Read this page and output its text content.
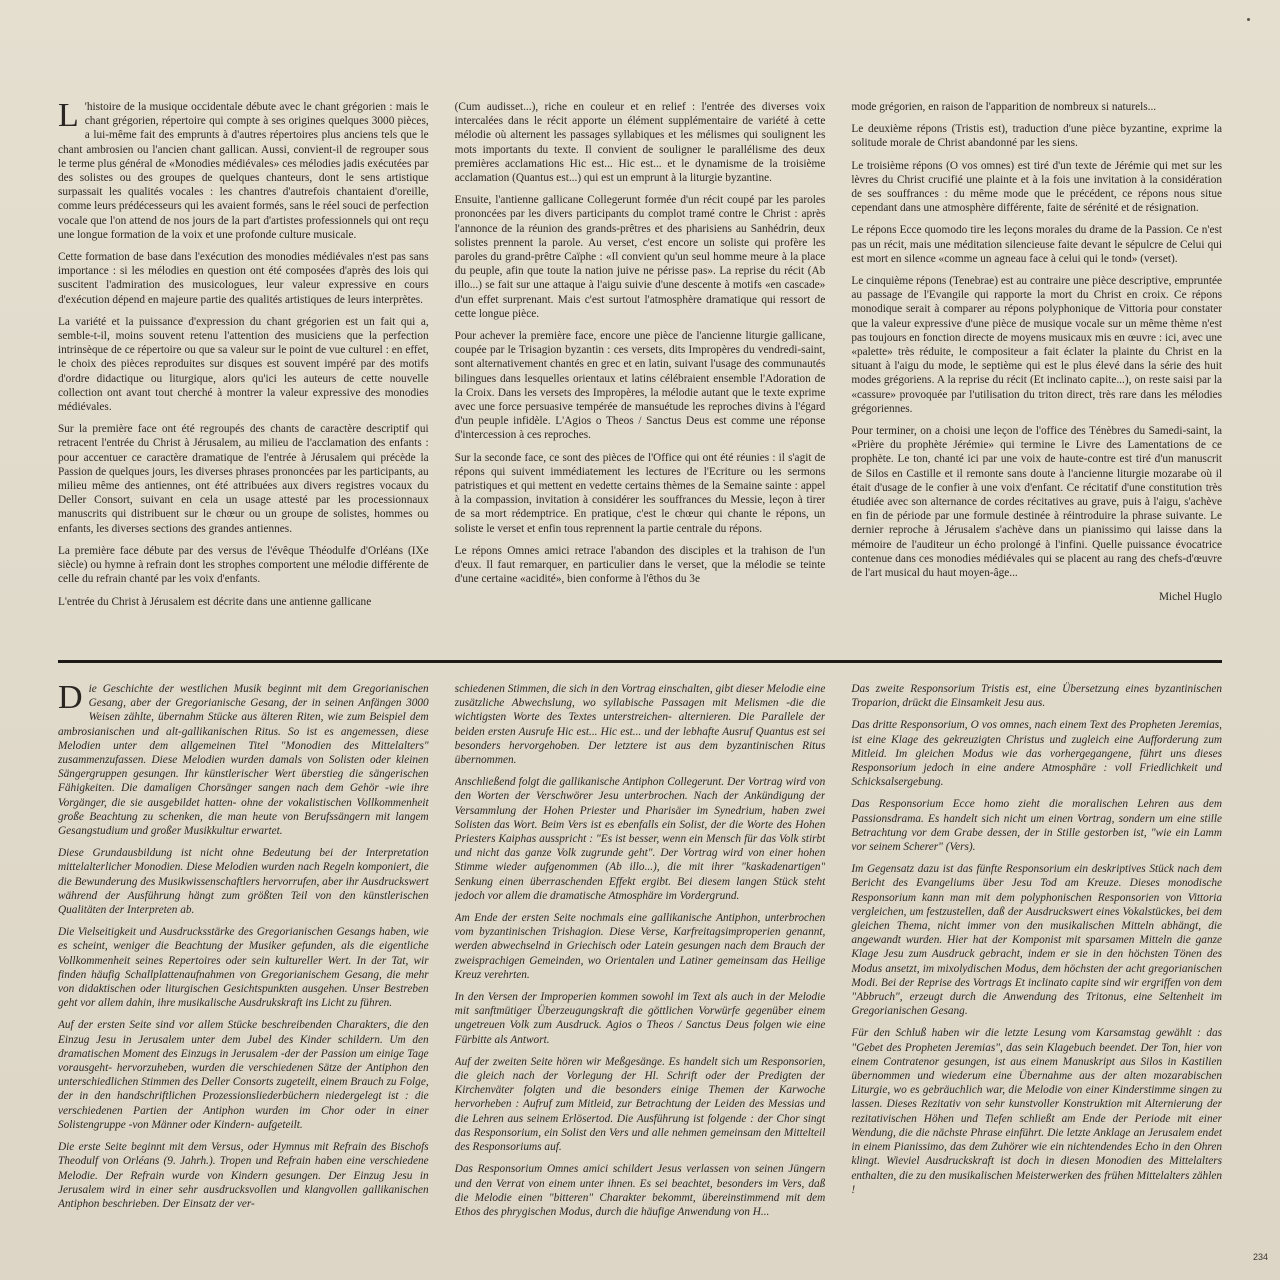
L 'histoire de la musique occidentale débute avec le chant grégorien : mais le chant grégorien, répertoire qui compte à ses origines quelques 3000 pièces, a lui-même fait des emprunts à d'autres répertoires plus anciens tels que le chant ambrosien ou l'ancien chant gallican. Aussi, convient-il de regrouper sous le terme plus général de «Monodies médiévales» ces mélodies jadis exécutées par des solistes ou des groupes de quelques chanteurs, dont le sens artistique surpassait les qualités vocales : les chantres d'autrefois chantaient d'oreille, comme leurs prédécesseurs qui les avaient formés, sans le réel souci de perfection vocale que l'on attend de nos jours de la part d'artistes professionnels qui ont reçu une longue formation de la voix et une profonde culture musicale.

Cette formation de base dans l'exécution des monodies médiévales n'est pas sans importance : si les mélodies en question ont été composées d'après des lois qui suscitent l'admiration des musicologues, leur valeur expressive en cours d'exécution dépend en majeure partie des qualités artistiques de leurs interprètes.

La variété et la puissance d'expression du chant grégorien est un fait qui a, semble-t-il, moins souvent retenu l'attention des musiciens que la perfection intrinsèque de ce répertoire ou que sa valeur sur le point de vue culturel : en effet, le choix des pièces reproduites sur disques est souvent impéré par des motifs d'ordre didactique ou liturgique, alors qu'ici les auteurs de cette nouvelle collection ont avant tout cherché à montrer la valeur expressive des monodies médiévales.

Sur la première face ont été regroupés des chants de caractère descriptif qui retracent l'entrée du Christ à Jérusalem, au milieu de l'acclamation des enfants : pour accentuer ce caractère dramatique de l'entrée à Jérusalem qui précède la Passion de quelques jours, les diverses phrases prononcées par les participants, au milieu même des antiennes, ont été attribuées aux divers registres vocaux du Deller Consort, suivant en cela un usage attesté par les processionnaux manuscrits qui distribuent sur le chœur ou un groupe de solistes, hommes ou enfants, les diverses sections des grandes antiennes.

La première face débute par des versus de l'évêque Théodulfe d'Orléans (IXe siècle) ou hymne à refrain dont les strophes comportent une mélodie différente de celle du refrain chanté par les voix d'enfants.

L'entrée du Christ à Jérusalem est décrite dans une antienne gallicane

(Cum audisset...), riche en couleur et en relief : l'entrée des diverses voix intercalées dans le récit apporte un élément supplémentaire de variété à cette mélodie où alternent les passages syllabiques et les mélismes qui soulignent les mots importants du texte. Il convient de souligner le parallélisme des deux premières acclamations Hic est... Hic est... et le dynamisme de la troisième acclamation (Quantus est...) qui est un emprunt à la liturgie byzantine.

Ensuite, l'antienne gallicane Collegerunt formée d'un récit coupé par les paroles prononcées par les divers participants du complot tramé contre le Christ : après l'annonce de la réunion des grands-prêtres et des pharisiens au Sanhédrin, deux solistes prennent la parole. Au verset, c'est encore un soliste qui profère les paroles du grand-prêtre Caïphe : «Il convient qu'un seul homme meure à la place du peuple, afin que toute la nation juive ne périsse pas». La reprise du récit (Ab illo...) se fait sur une attaque à l'aigu suivie d'une descente à motifs «en cascade» d'un effet surprenant. Mais c'est surtout l'atmosphère dramatique qui ressort de cette longue pièce.

Pour achever la première face, encore une pièce de l'ancienne liturgie gallicane, coupée par le Trisagion byzantin : ces versets, dits Impropères du vendredi-saint, sont alternativement chantés en grec et en latin, suivant l'usage des communautés bilingues dans lesquelles orientaux et latins célébraient ensemble l'Adoration de la Croix. Dans les versets des Impropères, la mélodie autant que le texte exprime avec une force persuasive tempérée de mansuétude les reproches divins à l'égard d'un peuple infidèle. L'Agios o Theos / Sanctus Deus est comme une réponse d'intercession à ces reproches.

Sur la seconde face, ce sont des pièces de l'Office qui ont été réunies : il s'agit de répons qui suivent immédiatement les lectures de l'Ecriture ou les sermons patristiques et qui mettent en vedette certains thèmes de la Semaine sainte : appel à la compassion, invitation à considérer les souffrances du Messie, leçon à tirer de sa mort rédemptrice. En pratique, c'est le chœur qui chante le répons, un soliste le verset et enfin tous reprennent la partie centrale du répons.

Le répons Omnes amici retrace l'abandon des disciples et la trahison de l'un d'eux. Il faut remarquer, en particulier dans le verset, que la mélodie se teinte d'une certaine «acidité», bien conforme à l'êthos du 3e

mode grégorien, en raison de l'apparition de nombreux si naturels...

Le deuxième répons (Tristis est), traduction d'une pièce byzantine, exprime la solitude morale de Christ abandonné par les siens.

Le troisième répons (O vos omnes) est tiré d'un texte de Jérémie qui met sur les lèvres du Christ crucifié une plainte et à la fois une invitation à la considération de ses souffrances : du même mode que le précédent, ce répons nous situe cependant dans une atmosphère différente, faite de sérénité et de résignation.

Le répons Ecce quomodo tire les leçons morales du drame de la Passion. Ce n'est pas un récit, mais une méditation silencieuse faite devant le sépulcre de Celui qui est mort en silence «comme un agneau face à celui qui le tond» (verset).

Le cinquième répons (Tenebrae) est au contraire une pièce descriptive, empruntée au passage de l'Evangile qui rapporte la mort du Christ en croix. Ce répons monodique serait à comparer au répons polyphonique de Vittoria pour constater que la valeur expressive d'une pièce de musique vocale sur un même thème n'est pas toujours en fonction directe de moyens musicaux mis en œuvre : ici, avec une «palette» très réduite, le compositeur a fait éclater la plainte du Christ en la situant à l'aigu du mode, le septième qui est le plus élevé dans la série des huit modes grégoriens. A la reprise du récit (Et inclinato capite...), on reste saisi par la «cassure» provoquée par l'utilisation du triton direct, très rare dans les mélodies grégoriennes.

Pour terminer, on a choisi une leçon de l'office des Ténèbres du Samedi-saint, la «Prière du prophète Jérémie» qui termine le Livre des Lamentations de ce prophète. Le ton, chanté ici par une voix de haute-contre est tiré d'un manuscrit de Silos en Castille et il remonte sans doute à l'ancienne liturgie mozarabe où il était d'usage de le confier à une voix d'enfant. Ce récitatif d'une constitution très étudiée avec son alternance de cordes récitatives au grave, puis à l'aigu, s'achève en fin de période par une formule destinée à réintroduire la phrase suivante. Le dernier reproche à Jérusalem s'achève dans un pianissimo qui laisse dans la mémoire de l'auditeur un écho prolongé à l'infini. Quelle puissance évocatrice contenue dans ces monodies médiévales qui se placent au rang des chefs-d'œuvre de l'art musical du haut moyen-âge...

Michel Huglo

Die Geschichte der westlichen Musik beginnt mit dem Gregorianischen Gesang, aber der Gregorianische Gesang, der in seinen Anfängen 3000 Weisen zählte, übernahm Stücke aus älteren Riten, wie zum Beispiel dem ambrosianischen und alt-gallikanischen Ritus. So ist es angemessen, diese Melodien unter dem allgemeinen Titel "Monodien des Mittelalters" zusammenzufassen. Diese Melodien wurden damals von Solisten oder kleinen Sängergruppen gesungen. Ihr künstlerischer Wert überstieg die sängerischen Fähigkeiten. Die damaligen Chorsänger sangen nach dem Gehör -wie ihre Vorgänger, die sie ausgebildet hatten- ohne der vokalistischen Vollkommenheit große Beachtung zu schenken, die man heute von Berufssängern mit langem Gesangstudium und großer Musikkultur erwartet.

Diese Grundausbildung ist nicht ohne Bedeutung bei der Interpretation mittelalterlicher Monodien. Diese Melodien wurden nach Regeln komponiert, die die Bewunderung des Musikwissenschaftlers hervorrufen, aber ihr Ausdruckswert während der Ausführung hängt zum größten Teil von den künstlerischen Qualitäten der Interpreten ab.

Die Vielseitigkeit und Ausdrucksstärke des Gregorianischen Gesangs haben, wie es scheint, weniger die Beachtung der Musiker gefunden, als die eigentliche Vollkommenheit seines Repertoires oder sein kultureller Wert. In der Tat, wir finden häufig Schallplattenaufnahmen von Gregorianischem Gesang, die mehr von didaktischen oder liturgischen Gesichtspunkten ausgehen. Unser Bestreben geht vor allem dahin, ihre musikalische Ausdrukskraft ins Licht zu führen.

Auf der ersten Seite sind vor allem Stücke beschreibenden Charakters, die den Einzug Jesu in Jerusalem unter dem Jubel des Kinder schildern. Um den dramatischen Moment des Einzugs in Jerusalem -der der Passion um einige Tage vorausgeht- hervorzuheben, wurden die verschiedenen Sätze der Antiphon den unterschiedlichen Stimmen des Deller Consorts zugeteilt, einem Brauch zu Folge, der in den handschriftlichen Prozessionsliederbüchern niedergelegt ist : die verschiedenen Partien der Antiphon wurden im Chor oder in einer Solistengruppe -von Männer oder Kindern- aufgeteilt.

Die erste Seite beginnt mit dem Versus, oder Hymnus mit Refrain des Bischofs Theodulf von Orléans (9. Jahrh.). Tropen und Refrain haben eine verschiedene Melodie. Der Refrain wurde von Kindern gesungen. Der Einzug Jesu in Jerusalem wird in einer sehr ausdrucksvollen und klangvollen gallikanischen Antiphon beschrieben. Der Einsatz der ver-

schiedenen Stimmen, die sich in den Vortrag einschalten, gibt dieser Melodie eine zusätzliche Abwechslung, wo syllabische Passagen mit Melismen -die die wichtigsten Worte des Textes unterstreichen- alternieren. Die Parallele der beiden ersten Ausrufe Hic est... Hic est... und der lebhafte Ausruf Quantus est sei besonders hervorgehoben. Der letztere ist aus dem byzantinischen Ritus übernommen.

Anschließend folgt die gallikanische Antiphon Collegerunt. Der Vortrag wird von den Worten der Verschwörer Jesu unterbrochen. Nach der Ankündigung der Versammlung der Hohen Priester und Pharisäer im Synedrium, haben zwei Solisten das Wort. Beim Vers ist es ebenfalls ein Solist, der die Worte des Hohen Priesters Kaiphas ausspricht : "Es ist besser, wenn ein Mensch für das Volk stirbt und nicht das ganze Volk zugrunde geht". Der Vortrag wird von einer hohen Stimme wieder aufgenommen (Ab illo...), die mit ihrer "kaskadenartigen" Senkung einen überraschenden Effekt ergibt. Bei diesem langen Stück steht jedoch vor allem die dramatische Atmosphäre im Vordergrund.

Am Ende der ersten Seite nochmals eine gallikanische Antiphon, unterbrochen vom byzantinischen Trishagion. Diese Verse, Karfreitagsimproperien genannt, werden abwechselnd in Griechisch oder Latein gesungen nach dem Brauch der zweisprachigen Gemeinden, wo Orientalen und Latiner gemeinsam das Heilige Kreuz verehrten.

In den Versen der Improperien kommen sowohl im Text als auch in der Melodie mit sanftmütiger Überzeugungskraft die göttlichen Vorwürfe gegenüber einem ungetreuen Volk zum Ausdruck. Agios o Theos / Sanctus Deus folgen wie eine Fürbitte als Antwort.

Auf der zweiten Seite hören wir Meßgesänge. Es handelt sich um Responsorien, die gleich nach der Vorlegung der Hl. Schrift oder der Predigten der Kirchenväter folgten und die besonders einige Themen der Karwoche hervorheben : Aufruf zum Mitleid, zur Betrachtung der Leiden des Messias und die Lehren aus seinem Erlösertod. Die Ausführung ist folgende : der Chor singt das Responsorium, ein Solist den Vers und alle nehmen gemeinsam den Mittelteil des Responsoriums auf.

Das Responsorium Omnes amici schildert Jesus verlassen von seinen Jüngern und den Verrat von einem unter ihnen. Es sei beachtet, besonders im Vers, daß die Melodie einen "bitteren" Charakter bekommt, übereinstimmend mit dem Ethos des phrygischen Modus, durch die häufige Anwendung von H...

Das zweite Responsorium Tristis est, eine Übersetzung eines byzantinischen Troparion, drückt die Einsamkeit Jesu aus.

Das dritte Responsorium, O vos omnes, nach einem Text des Propheten Jeremias, ist eine Klage des gekreuzigten Christus und zugleich eine Aufforderung zum Mitleid. Im gleichen Modus wie das vorhergegangene, führt uns dieses Responsorium jedoch in eine andere Atmosphäre : voll Friedlichkeit und Schicksalsergebung.

Das Responsorium Ecce homo zieht die moralischen Lehren aus dem Passionsdrama. Es handelt sich nicht um einen Vortrag, sondern um eine stille Betrachtung vor dem Grabe dessen, der in Stille gestorben ist, "wie ein Lamm vor seinem Scherer" (Vers).

Im Gegensatz dazu ist das fünfte Responsorium ein deskriptives Stück nach dem Bericht des Evangeliums über Jesu Tod am Kreuze. Dieses monodische Responsorium kann man mit dem polyphonischen Responsorien von Vittoria vergleichen, um festzustellen, daß der Ausdruckswert eines Vokalstückes, bei dem gleichen Thema, nicht immer von den musikalischen Mitteln abhängt, die angewandt wurden. Hier hat der Komponist mit sparsamen Mitteln die ganze Klage Jesu zum Ausdruck gebracht, indem er sie in den höchsten Tönen des Modus ansetzt, im mixolydischen Modus, dem höchsten der acht gregorianischen Modi. Bei der Reprise des Vortrags Et inclinato capite sind wir ergriffen von dem "Abbruch", erzeugt durch die Anwendung des Tritonus, eine Seltenheit im Gregorianischen Gesang.

Für den Schluß haben wir die letzte Lesung vom Karsamstag gewählt : das "Gebet des Propheten Jeremias", das sein Klagebuch beendet. Der Ton, hier von einem Contratenor gesungen, ist aus einem Manuskript aus Silos in Kastilien übernommen und wiederum eine Übernahme aus der alten mozarabischen Liturgie, wo es gebräuchlich war, die Melodie von einer Kinderstimme singen zu lassen. Dieses Rezitativ von sehr kunstvoller Konstruktion mit Alternierung der rezitativischen Höhen und Tiefen schließt am Ende der Periode mit einer Wendung, die die nächste Phrase einführt. Die letzte Anklage an Jerusalem endet in einem Pianissimo, das dem Zuhörer wie ein nichtendendes Echo in den Ohren klingt. Wieviel Ausdruckskraft ist doch in diesen Monodien des Mittelalters enthalten, die zu den musikalischen Meisterwerken des frühen Mittelalters zählen !

234
